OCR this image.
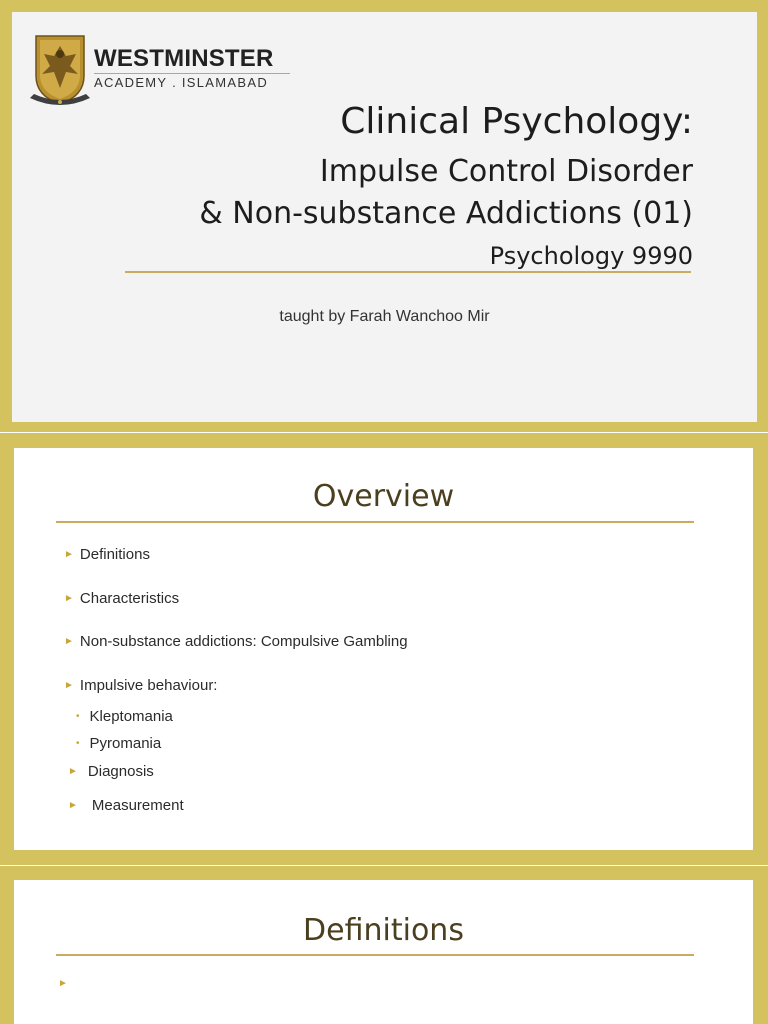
WESTMINSTER
ACADEMY . ISLAMABAD
Clinical Psychology:
Impulse Control Disorder
& Non-substance Addictions (01)
Psychology 9990
taught by Farah Wanchoo Mir
Overview
► Definitions
► Characteristics
► Non-substance addictions: Compulsive Gambling
► Impulsive behaviour:
• Kleptomania
• Pyromania
► Diagnosis
► Measurement
Definitions
►
